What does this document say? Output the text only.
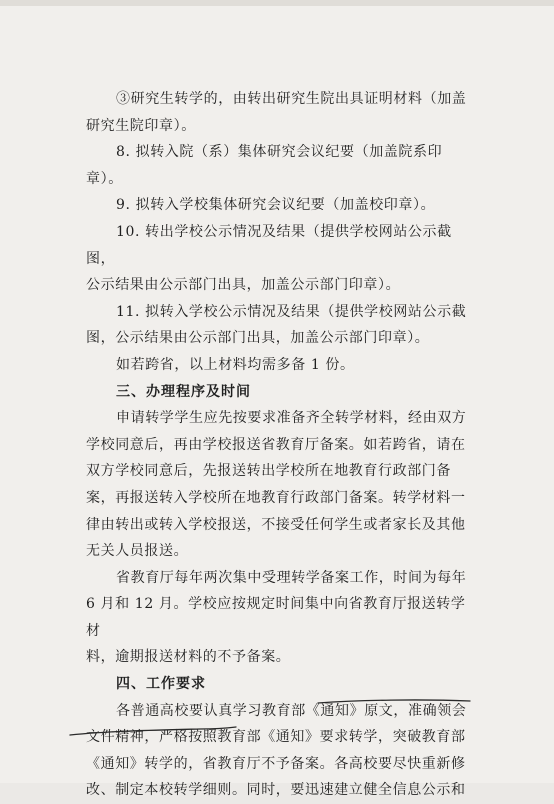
③研究生转学的，由转出研究生院出具证明材料（加盖

研究生院印章）。

8. 拟转入院（系）集体研究会议纪要（加盖院系印章）。

9. 拟转入学校集体研究会议纪要（加盖校印章）。

10. 转出学校公示情况及结果（提供学校网站公示截图，

公示结果由公示部门出具，加盖公示部门印章）。

11. 拟转入学校公示情况及结果（提供学校网站公示截

图，公示结果由公示部门出具，加盖公示部门印章）。

如若跨省，以上材料均需多备 1 份。

三、办理程序及时间

申请转学学生应先按要求准备齐全转学材料，经由双方

学校同意后，再由学校报送省教育厅备案。如若跨省，请在

双方学校同意后，先报送转出学校所在地教育行政部门备

案，再报送转入学校所在地教育行政部门备案。转学材料一

律由转出或转入学校报送，不接受任何学生或者家长及其他

无关人员报送。

省教育厅每年两次集中受理转学备案工作，时间为每年

6 月和 12 月。学校应按规定时间集中向省教育厅报送转学材

料，逾期报送材料的不予备案。

四、工作要求

各普通高校要认真学习教育部《通知》原文，准确领会

文件精神，严格按照教育部《通知》要求转学，突破教育部

《通知》转学的，省教育厅不予备案。各高校要尽快重新修

改、制定本校转学细则。同时，要迅速建立健全信息公示和
